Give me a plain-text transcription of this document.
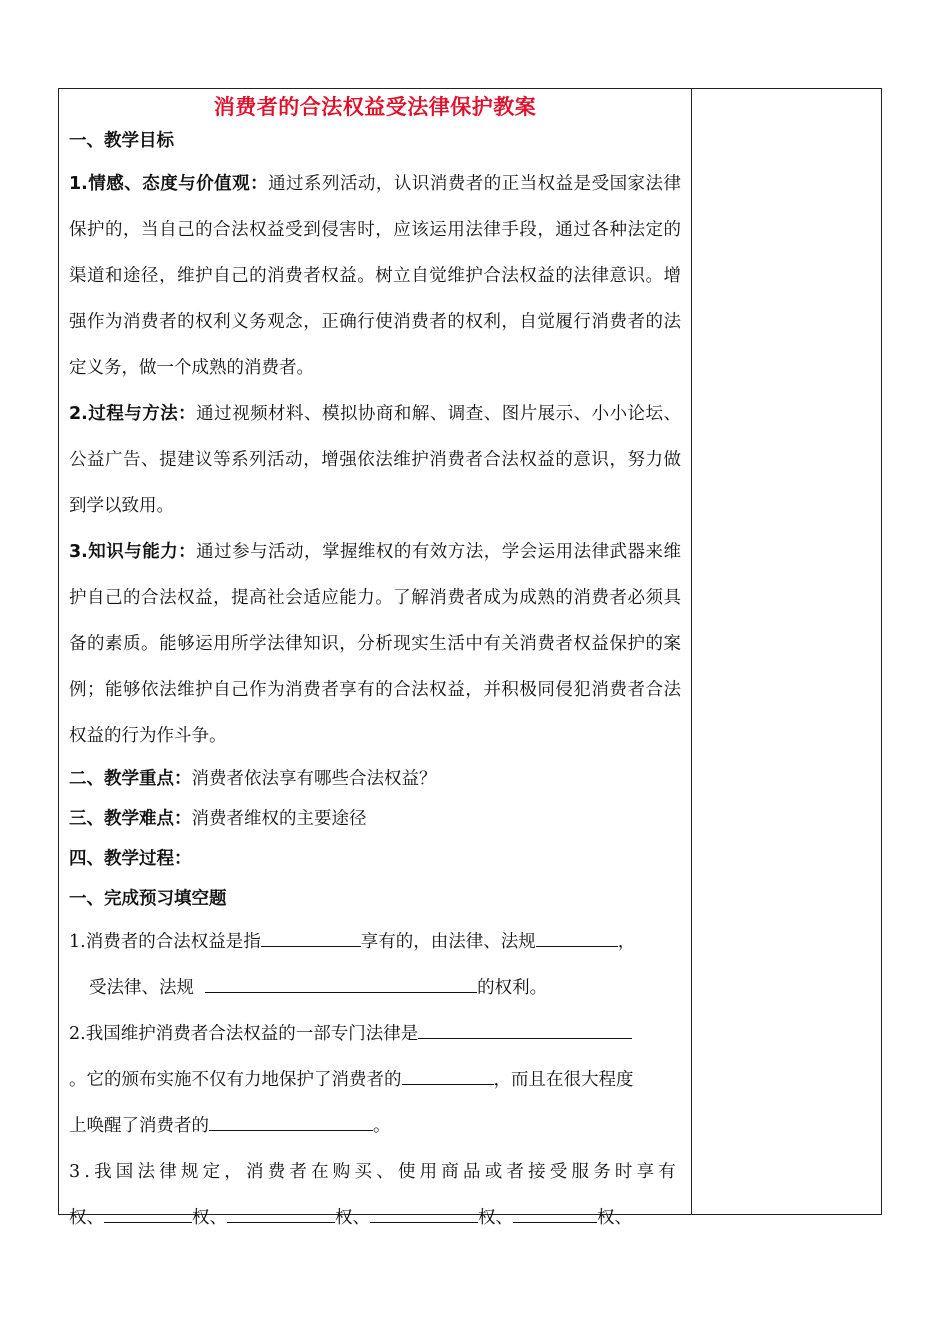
消费者的合法权益受法律保护教案

一、教学目标

1.情感、态度与价值观：通过系列活动，认识消费者的正当权益是受国家法律保护的，当自己的合法权益受到侵害时，应该运用法律手段，通过各种法定的渠道和途径，维护自己的消费者权益。树立自觉维护合法权益的法律意识。增强作为消费者的权利义务观念，正确行使消费者的权利，自觉履行消费者的法定义务，做一个成熟的消费者。

2.过程与方法：通过视频材料、模拟协商和解、调查、图片展示、小小论坛、公益广告、提建议等系列活动，增强依法维护消费者合法权益的意识，努力做到学以致用。

3.知识与能力：通过参与活动，掌握维权的有效方法，学会运用法律武器来维护自己的合法权益，提高社会适应能力。了解消费者成为成熟的消费者必须具备的素质。能够运用所学法律知识，分析现实生活中有关消费者权益保护的案例；能够依法维护自己作为消费者享有的合法权益，并积极同侵犯消费者合法权益的行为作斗争。

二、教学重点：消费者依法享有哪些合法权益？

三、教学难点：消费者维权的主要途径

四、教学过程：

一、完成预习填空题

1.消费者的合法权益是指	享有的，由法律、法规	，

受法律、法规	的权利。

2.我国维护消费者合法权益的一部专门法律是

。它的颁布实施不仅有力地保护了消费者的	，而且在很大程度

上唤醒了消费者的	。

3.我国法律规定，消费者在购买、使用商品或者接受服务时享有

权、	权、	权、	权、	权、
